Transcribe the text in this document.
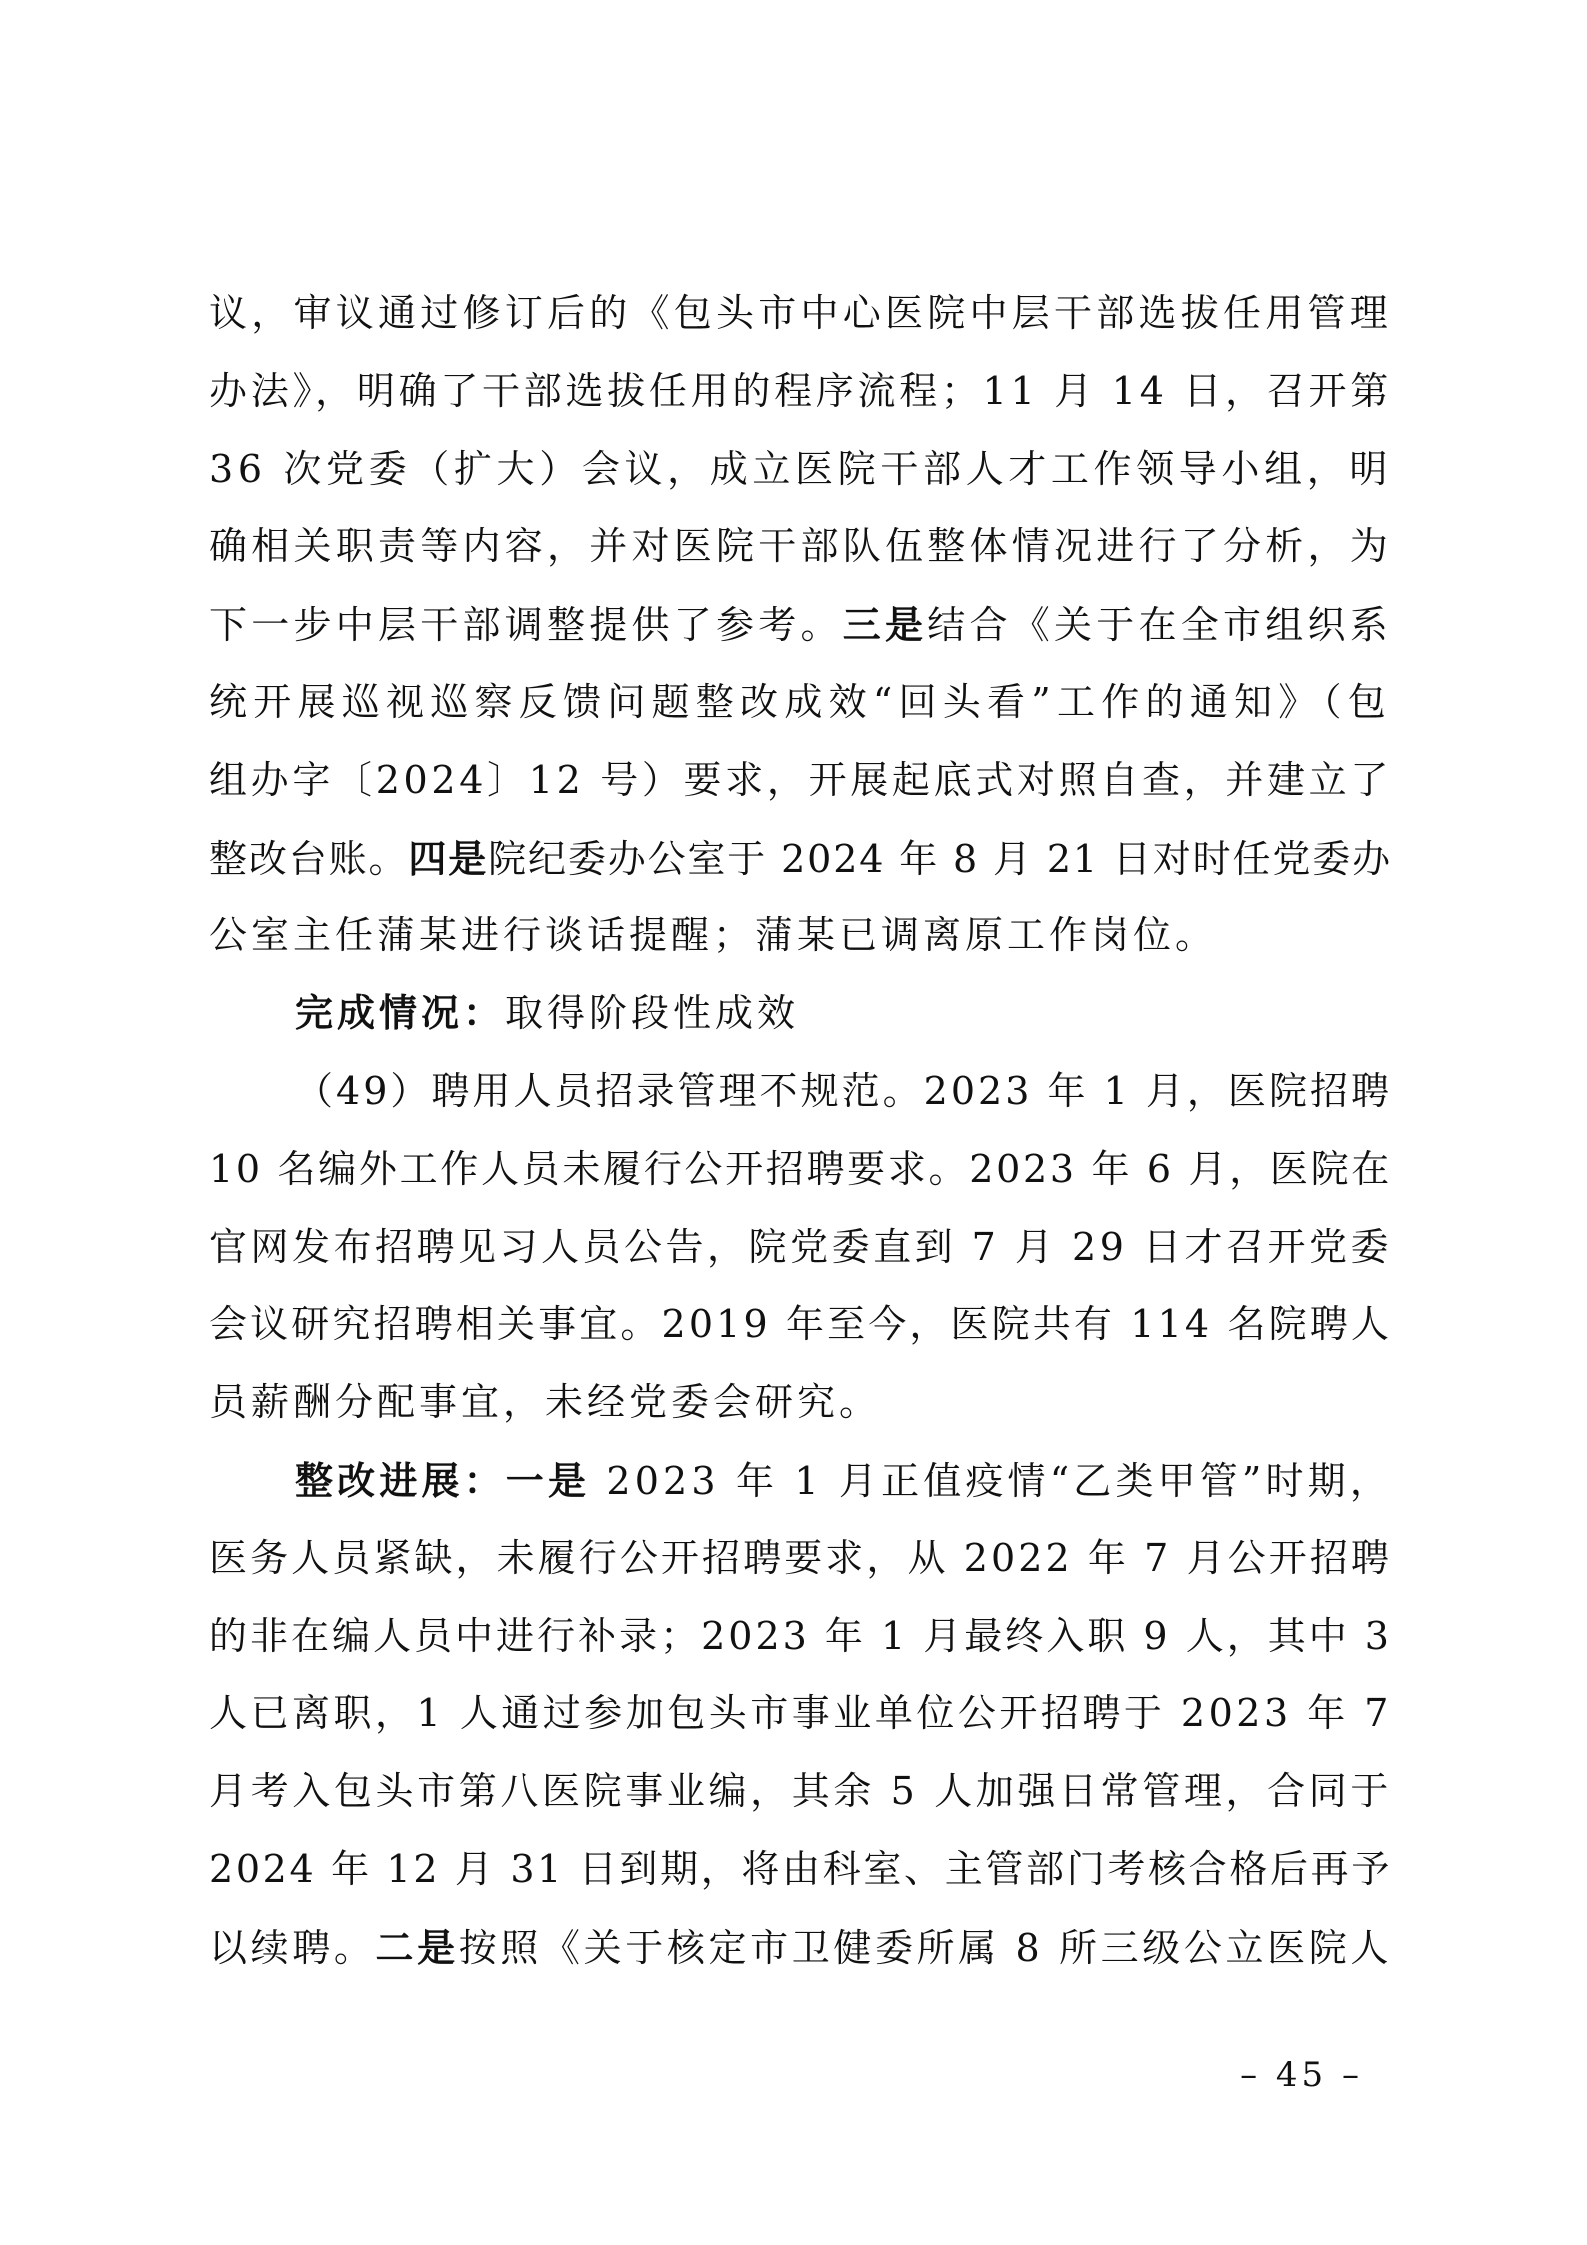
议，审议通过修订后的《包头市中心医院中层干部选拔任用管理
办法》，明确了干部选拔任用的程序流程；11 月 14 日，召开第
36 次党委（扩大）会议，成立医院干部人才工作领导小组，明
确相关职责等内容，并对医院干部队伍整体情况进行了分析，为
下一步中层干部调整提供了参考。三是结合《关于在全市组织系
统开展巡视巡察反馈问题整改成效“回头看”工作的通知》（包
组办字〔2024〕12 号）要求，开展起底式对照自查，并建立了
整改台账。四是院纪委办公室于 2024 年 8 月 21 日对时任党委办
公室主任蒲某进行谈话提醒；蒲某已调离原工作岗位。
完成情况：取得阶段性成效
（49）聘用人员招录管理不规范。2023 年 1 月，医院招聘
10 名编外工作人员未履行公开招聘要求。2023 年 6 月，医院在
官网发布招聘见习人员公告，院党委直到 7 月 29 日才召开党委
会议研究招聘相关事宜。2019 年至今，医院共有 114 名院聘人
员薪酬分配事宜，未经党委会研究。
整改进展：一是 2023 年 1 月正值疫情“乙类甲管”时期，
医务人员紧缺，未履行公开招聘要求，从 2022 年 7 月公开招聘
的非在编人员中进行补录；2023 年 1 月最终入职 9 人，其中 3
人已离职，1 人通过参加包头市事业单位公开招聘于 2023 年 7
月考入包头市第八医院事业编，其余 5 人加强日常管理，合同于
2024 年 12 月 31 日到期，将由科室、主管部门考核合格后再予
以续聘。二是按照《关于核定市卫健委所属 8 所三级公立医院人
– 45 –
